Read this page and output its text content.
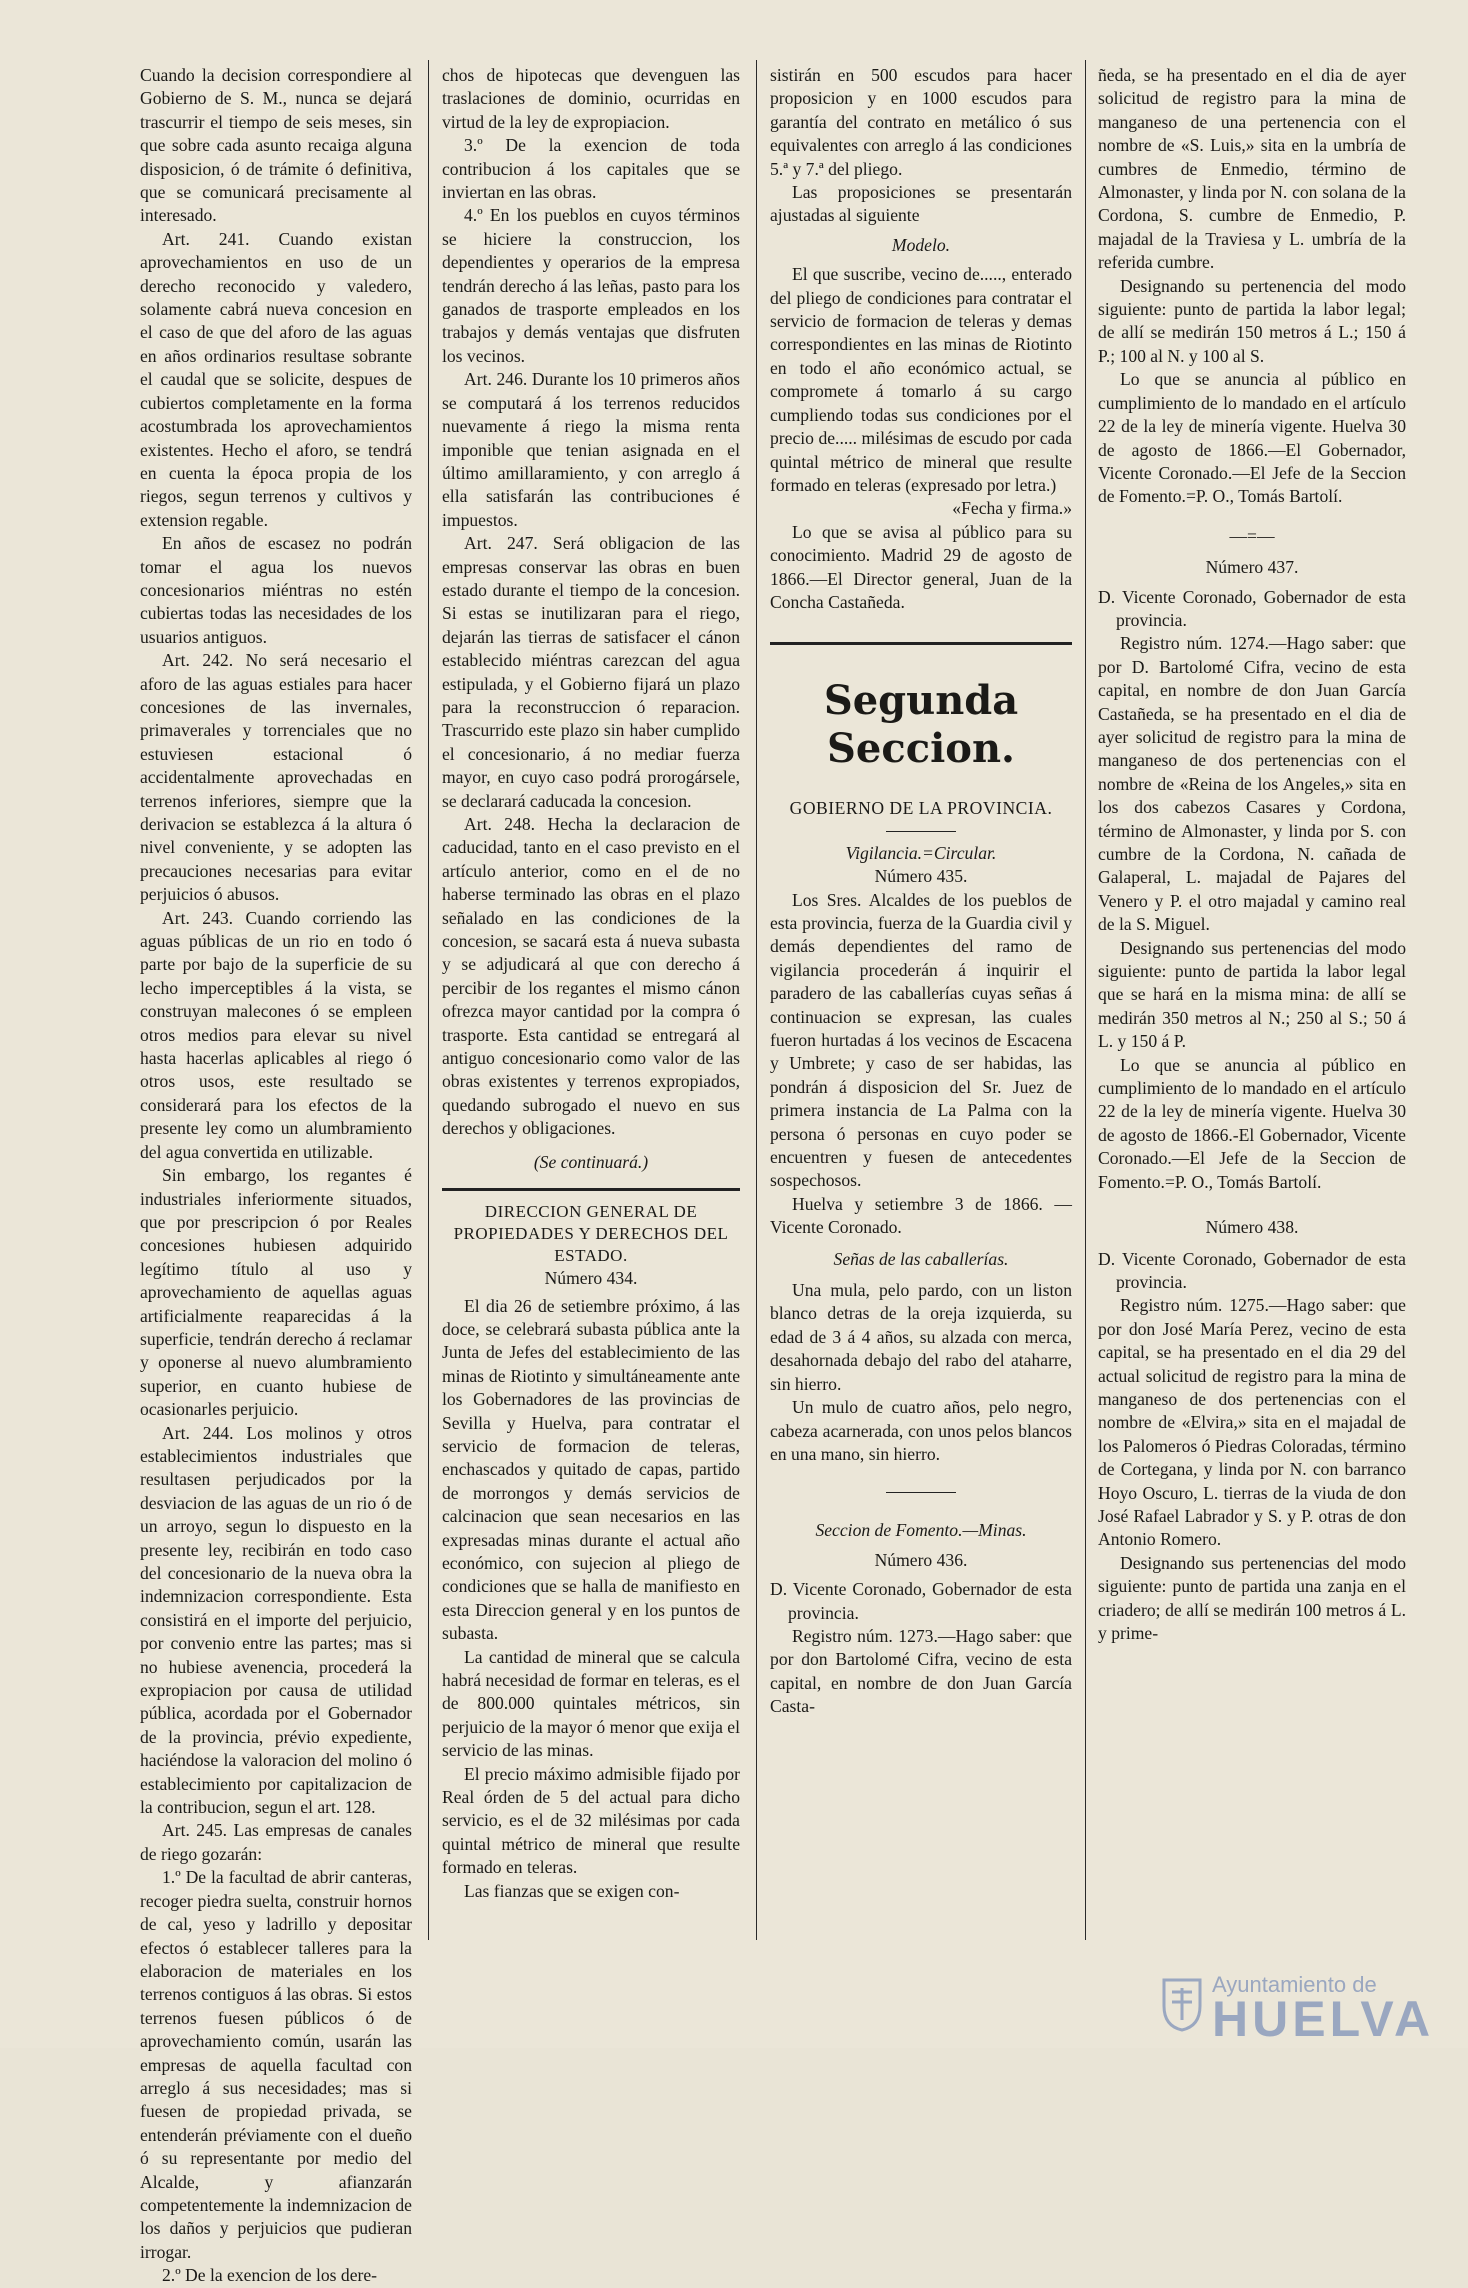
Cuando la decision correspondiere al Gobierno de S. M., nunca se dejará trascurrir el tiempo de seis meses, sin que sobre cada asunto recaiga alguna disposicion, ó de trámite ó definitiva, que se comunicará precisamente al interesado.

Art. 241. Cuando existan aprovechamientos en uso de un derecho reconocido y valedero, solamente cabrá nueva concesion en el caso de que del aforo de las aguas en años ordinarios resultase sobrante el caudal que se solicite, despues de cubiertos completamente en la forma acostumbrada los aprovechamientos existentes. Hecho el aforo, se tendrá en cuenta la época propia de los riegos, segun terrenos y cultivos y extension regable.

En años de escasez no podrán tomar el agua los nuevos concesionarios miéntras no estén cubiertas todas las necesidades de los usuarios antiguos.

Art. 242. No será necesario el aforo de las aguas estiales para hacer concesiones de las invernales, primaverales y torrenciales que no estuviesen estacional ó accidentalmente aprovechadas en terrenos inferiores, siempre que la derivacion se establezca á la altura ó nivel conveniente, y se adopten las precauciones necesarias para evitar perjuicios ó abusos.

Art. 243. Cuando corriendo las aguas públicas de un rio en todo ó parte por bajo de la superficie de su lecho imperceptibles á la vista, se construyan malecones ó se empleen otros medios para elevar su nivel hasta hacerlas aplicables al riego ó otros usos, este resultado se considerará para los efectos de la presente ley como un alumbramiento del agua convertida en utilizable.

Sin embargo, los regantes é industriales inferiormente situados, que por prescripcion ó por Reales concesiones hubiesen adquirido legítimo título al uso y aprovechamiento de aquellas aguas artificialmente reaparecidas á la superficie, tendrán derecho á reclamar y oponerse al nuevo alumbramiento superior, en cuanto hubiese de ocasionarles perjuicio.

Art. 244. Los molinos y otros establecimientos industriales que resultasen perjudicados por la desviacion de las aguas de un rio ó de un arroyo, segun lo dispuesto en la presente ley, recibirán en todo caso del concesionario de la nueva obra la indemnizacion correspondiente. Esta consistirá en el importe del perjuicio, por convenio entre las partes; mas si no hubiese avenencia, procederá la expropiacion por causa de utilidad pública, acordada por el Gobernador de la provincia, prévio expediente, haciéndose la valoracion del molino ó establecimiento por capitalizacion de la contribucion, segun el art. 128.

Art. 245. Las empresas de canales de riego gozarán:

1.º De la facultad de abrir canteras, recoger piedra suelta, construir hornos de cal, yeso y ladrillo y depositar efectos ó establecer talleres para la elaboracion de materiales en los terrenos contiguos á las obras. Si estos terrenos fuesen públicos ó de aprovechamiento común, usarán las empresas de aquella facultad con arreglo á sus necesidades; mas si fuesen de propiedad privada, se entenderán préviamente con el dueño ó su representante por medio del Alcalde, y afianzarán competentemente la indemnizacion de los daños y perjuicios que pudieran irrogar.

2.º De la exencion de los dere-

chos de hipotecas que devenguen las traslaciones de dominio, ocurridas en virtud de la ley de expropiacion.

3.º De la exencion de toda contribucion á los capitales que se inviertan en las obras.

4.º En los pueblos en cuyos términos se hiciere la construccion, los dependientes y operarios de la empresa tendrán derecho á las leñas, pasto para los ganados de trasporte empleados en los trabajos y demás ventajas que disfruten los vecinos.

Art. 246. Durante los 10 primeros años se computará á los terrenos reducidos nuevamente á riego la misma renta imponible que tenian asignada en el último amillaramiento, y con arreglo á ella satisfarán las contribuciones é impuestos.

Art. 247. Será obligacion de las empresas conservar las obras en buen estado durante el tiempo de la concesion. Si estas se inutilizaran para el riego, dejarán las tierras de satisfacer el cánon establecido miéntras carezcan del agua estipulada, y el Gobierno fijará un plazo para la reconstruccion ó reparacion. Trascurrido este plazo sin haber cumplido el concesionario, á no mediar fuerza mayor, en cuyo caso podrá prorogársele, se declarará caducada la concesion.

Art. 248. Hecha la declaracion de caducidad, tanto en el caso previsto en el artículo anterior, como en el de no haberse terminado las obras en el plazo señalado en las condiciones de la concesion, se sacará esta á nueva subasta y se adjudicará al que con derecho á percibir de los regantes el mismo cánon ofrezca mayor cantidad por la compra ó trasporte. Esta cantidad se entregará al antiguo concesionario como valor de las obras existentes y terrenos expropiados, quedando subrogado el nuevo en sus derechos y obligaciones.

(Se continuará.)

DIRECCION GENERAL DE PROPIEDADES Y DERECHOS DEL ESTADO.

Número 434.

El dia 26 de setiembre próximo, á las doce, se celebrará subasta pública ante la Junta de Jefes del establecimiento de las minas de Riotinto y simultáneamente ante los Gobernadores de las provincias de Sevilla y Huelva, para contratar el servicio de formacion de teleras, enchascados y quitado de capas, partido de morrongos y demás servicios de calcinacion que sean necesarios en las expresadas minas durante el actual año económico, con sujecion al pliego de condiciones que se halla de manifiesto en esta Direccion general y en los puntos de subasta.

La cantidad de mineral que se calcula habrá necesidad de formar en teleras, es el de 800.000 quintales métricos, sin perjuicio de la mayor ó menor que exija el servicio de las minas.

El precio máximo admisible fijado por Real órden de 5 del actual para dicho servicio, es el de 32 milésimas por cada quintal métrico de mineral que resulte formado en teleras.

Las fianzas que se exigen con-

sistirán en 500 escudos para hacer proposicion y en 1000 escudos para garantía del contrato en metálico ó sus equivalentes con arreglo á las condiciones 5.ª y 7.ª del pliego.

Las proposiciones se presentarán ajustadas al siguiente

Modelo.

El que suscribe, vecino de....., enterado del pliego de condiciones para contratar el servicio de formacion de teleras y demas correspondientes en las minas de Riotinto en todo el año económico actual, se compromete á tomarlo á su cargo cumpliendo todas sus condiciones por el precio de..... milésimas de escudo por cada quintal métrico de mineral que resulte formado en teleras (expresado por letra.)

«Fecha y firma.»

Lo que se avisa al público para su conocimiento. Madrid 29 de agosto de 1866.—El Director general, Juan de la Concha Castañeda.

Segunda Seccion.

GOBIERNO DE LA PROVINCIA.

Vigilancia.=Circular.

Número 435.

Los Sres. Alcaldes de los pueblos de esta provincia, fuerza de la Guardia civil y demás dependientes del ramo de vigilancia procederán á inquirir el paradero de las caballerías cuyas señas á continuacion se expresan, las cuales fueron hurtadas á los vecinos de Escacena y Umbrete; y caso de ser habidas, las pondrán á disposicion del Sr. Juez de primera instancia de La Palma con la persona ó personas en cuyo poder se encuentren y fuesen de antecedentes sospechosos.

Huelva y setiembre 3 de 1866. —Vicente Coronado.

Señas de las caballerías.

Una mula, pelo pardo, con un liston blanco detras de la oreja izquierda, su edad de 3 á 4 años, su alzada con merca, desahornada debajo del rabo del ataharre, sin hierro.

Un mulo de cuatro años, pelo negro, cabeza acarnerada, con unos pelos blancos en una mano, sin hierro.

Seccion de Fomento.—Minas.

Número 436.

D. Vicente Coronado, Gobernador de esta provincia.

Registro núm. 1273.—Hago saber: que por don Bartolomé Cifra, vecino de esta capital, en nombre de don Juan García Casta-

ñeda, se ha presentado en el dia de ayer solicitud de registro para la mina de manganeso de una pertenencia con el nombre de «S. Luis,» sita en la umbría de cumbres de Enmedio, término de Almonaster, y linda por N. con solana de la Cordona, S. cumbre de Enmedio, P. majadal de la Traviesa y L. umbría de la referida cumbre.

Designando su pertenencia del modo siguiente: punto de partida la labor legal; de allí se medirán 150 metros á L.; 150 á P.; 100 al N. y 100 al S.

Lo que se anuncia al público en cumplimiento de lo mandado en el artículo 22 de la ley de minería vigente. Huelva 30 de agosto de 1866.—El Gobernador, Vicente Coronado.—El Jefe de la Seccion de Fomento.=P. O., Tomás Bartolí.

—=—

Número 437.

D. Vicente Coronado, Gobernador de esta provincia.

Registro núm. 1274.—Hago saber: que por D. Bartolomé Cifra, vecino de esta capital, en nombre de don Juan García Castañeda, se ha presentado en el dia de ayer solicitud de registro para la mina de manganeso de dos pertenencias con el nombre de «Reina de los Angeles,» sita en los dos cabezos Casares y Cordona, término de Almonaster, y linda por S. con cumbre de la Cordona, N. cañada de Galaperal, L. majadal de Pajares del Venero y P. el otro majadal y camino real de la S. Miguel.

Designando sus pertenencias del modo siguiente: punto de partida la labor legal que se hará en la misma mina: de allí se medirán 350 metros al N.; 250 al S.; 50 á L. y 150 á P.

Lo que se anuncia al público en cumplimiento de lo mandado en el artículo 22 de la ley de minería vigente. Huelva 30 de agosto de 1866.-El Gobernador, Vicente Coronado.—El Jefe de la Seccion de Fomento.=P. O., Tomás Bartolí.

Número 438.

D. Vicente Coronado, Gobernador de esta provincia.

Registro núm. 1275.—Hago saber: que por don José María Perez, vecino de esta capital, se ha presentado en el dia 29 del actual solicitud de registro para la mina de manganeso de dos pertenencias con el nombre de «Elvira,» sita en el majadal de los Palomeros ó Piedras Coloradas, término de Cortegana, y linda por N. con barranco Hoyo Oscuro, L. tierras de la viuda de don José Rafael Labrador y S. y P. otras de don Antonio Romero.

Designando sus pertenencias del modo siguiente: punto de partida una zanja en el criadero; de allí se medirán 100 metros á L. y prime-

Ayuntamiento de
HUELVA
